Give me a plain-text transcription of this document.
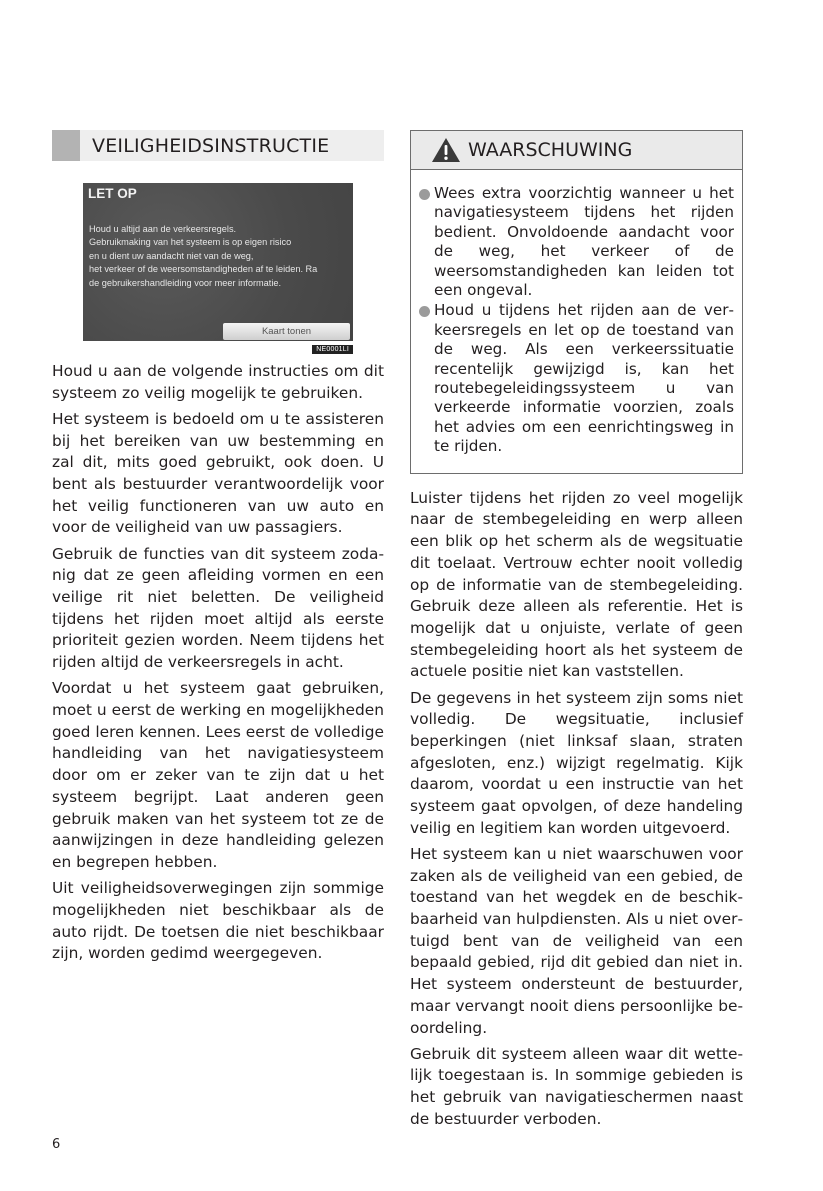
VEILIGHEIDSINSTRUCTIE
LET OP
Houd u altijd aan de verkeersregels.
Gebruikmaking van het systeem is op eigen risico
en u dient uw aandacht niet van de weg,
het verkeer of de weersomstandigheden af te leiden. Ra
de gebruikershandleiding voor meer informatie.
Kaart tonen
NE0001LI

Houd u aan de volgende instructies om dit systeem zo veilig mogelijk te gebruiken.

Het systeem is bedoeld om u te assisteren bij het bereiken van uw bestemming en zal dit, mits goed gebruikt, ook doen. U bent als bestuurder verantwoordelijk voor het veilig functioneren van uw auto en voor de veiligheid van uw passagiers.

Gebruik de functies van dit systeem zodanig dat ze geen afleiding vormen en een veilige rit niet beletten. De veiligheid tijdens het rijden moet altijd als eerste prioriteit gezien worden. Neem tijdens het rijden altijd de verkeersregels in acht.

Voordat u het systeem gaat gebruiken, moet u eerst de werking en mogelijkheden goed leren kennen. Lees eerst de volledige handleiding van het navigatiesysteem door om er zeker van te zijn dat u het systeem begrijpt. Laat anderen geen gebruik maken van het systeem tot ze de aanwijzingen in deze handleiding gelezen en begrepen hebben.

Uit veiligheidsoverwegingen zijn sommige mogelijkheden niet beschikbaar als de auto rijdt. De toetsen die niet beschikbaar zijn, worden gedimd weergegeven.

WAARSCHUWING
Wees extra voorzichtig wanneer u het navigatiesysteem tijdens het rijden bedient. Onvoldoende aandacht voor de weg, het verkeer of de weersomstandigheden kan leiden tot een ongeval.
Houd u tijdens het rijden aan de verkeersregels en let op de toestand van de weg. Als een verkeerssituatie recentelijk gewijzigd is, kan het routebegeleidingssysteem u van verkeerde informatie voorzien, zoals het advies om een eenrichtingsweg in te rijden.

Luister tijdens het rijden zo veel mogelijk naar de stembegeleiding en werp alleen een blik op het scherm als de wegsituatie dit toelaat. Vertrouw echter nooit volledig op de informatie van de stembegeleiding. Gebruik deze alleen als referentie. Het is mogelijk dat u onjuiste, verlate of geen stembegeleiding hoort als het systeem de actuele positie niet kan vaststellen.

De gegevens in het systeem zijn soms niet volledig. De wegsituatie, inclusief beperkingen (niet linksaf slaan, straten afgesloten, enz.) wijzigt regelmatig. Kijk daarom, voordat u een instructie van het systeem gaat opvolgen, of deze handeling veilig en legitiem kan worden uitgevoerd.

Het systeem kan u niet waarschuwen voor zaken als de veiligheid van een gebied, de toestand van het wegdek en de beschikbaarheid van hulpdiensten. Als u niet overtuigd bent van de veiligheid van een bepaald gebied, rijd dit gebied dan niet in. Het systeem ondersteunt de bestuurder, maar vervangt nooit diens persoonlijke beoordeling.

Gebruik dit systeem alleen waar dit wettelijk toegestaan is. In sommige gebieden is het gebruik van navigatieschermen naast de bestuurder verboden.

6
